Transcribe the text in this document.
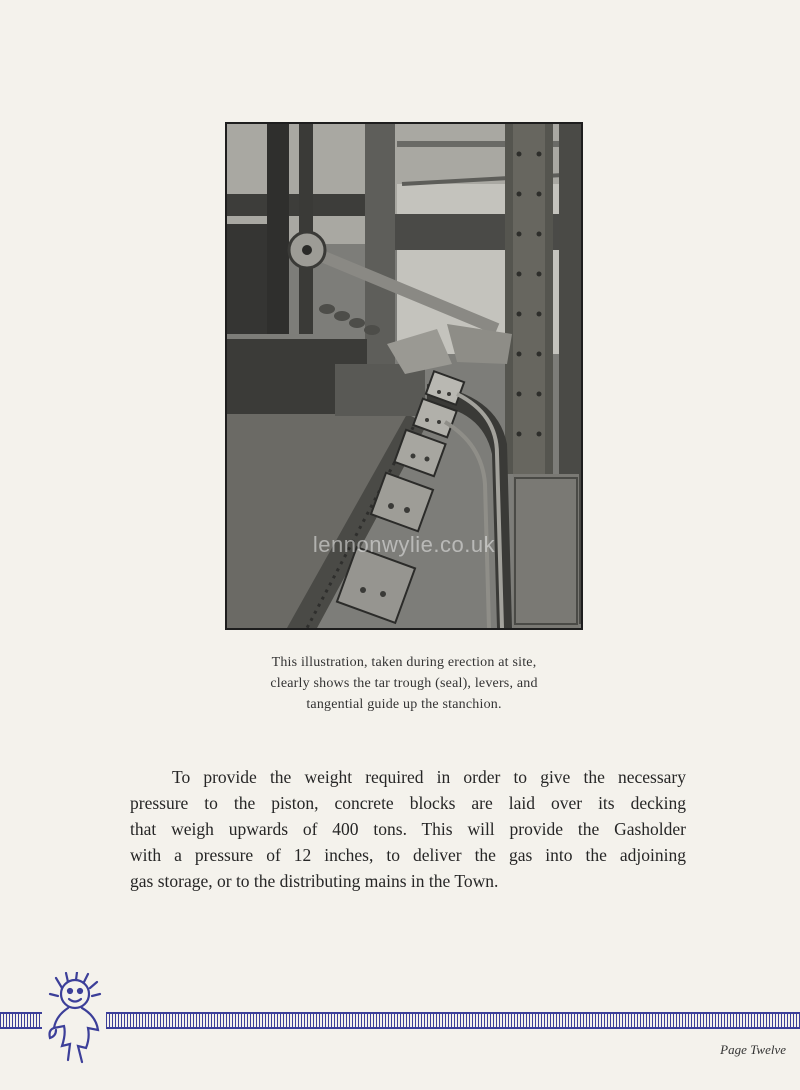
lennonwylie.co.uk
This illustration, taken during erection at site,
clearly shows the tar trough (seal), levers, and
tangential guide up the stanchion.
To provide the weight required in order to give the necessary
pressure to the piston, concrete blocks are laid over its decking
that weigh upwards of 400 tons. This will provide the Gasholder
with a pressure of 12 inches, to deliver the gas into the adjoining
gas storage, or to the distributing mains in the Town.
Page Twelve
